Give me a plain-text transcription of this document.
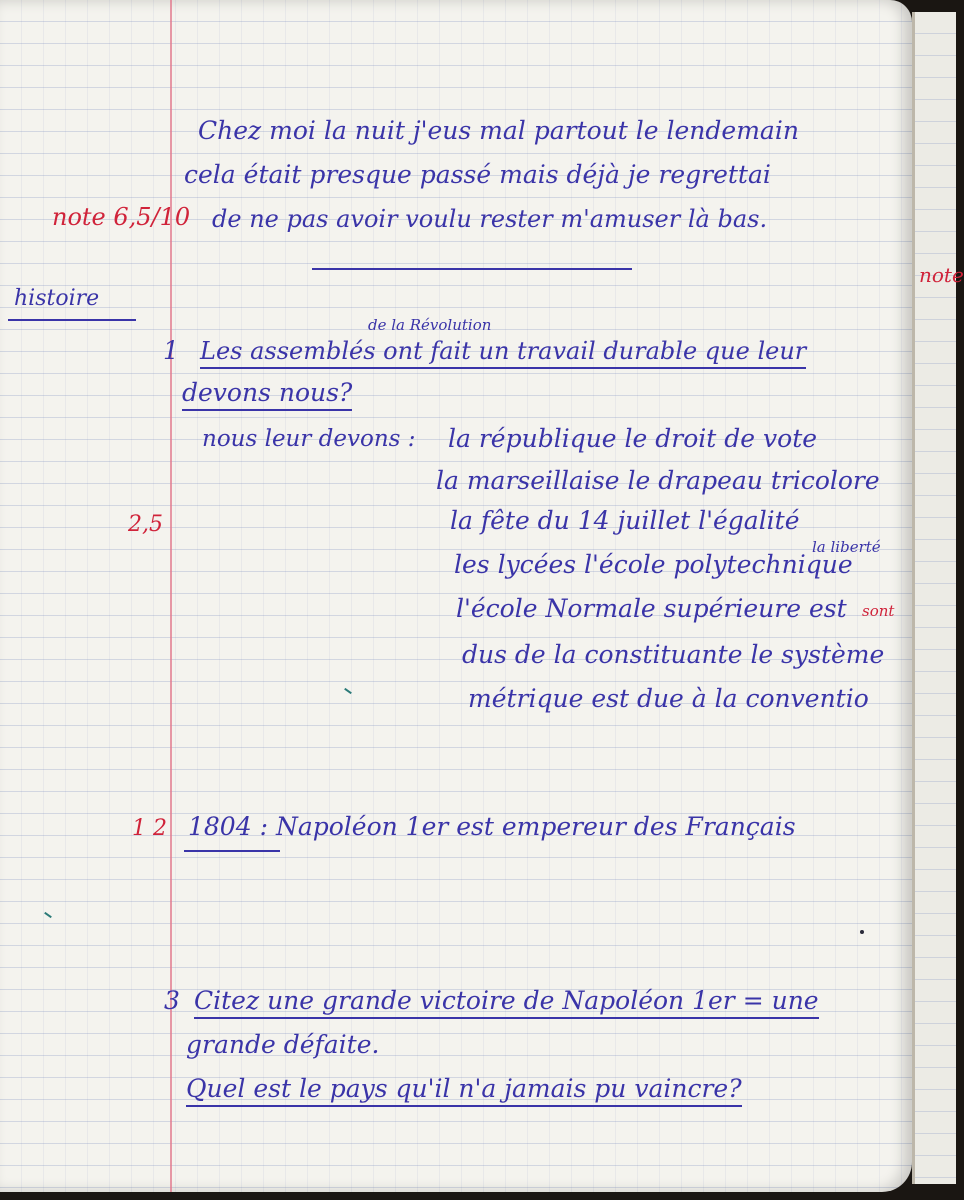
Chez moi la nuit j'eus mal partout le lendemain
cela était presque passé mais déjà je regrettai
note 6,5/10 de ne pas avoir voulu rester m'amuser là bas.
histoire
de la Révolution
1 Les assemblés ont fait un travail durable que leur
devons nous?
nous leur devons : la république le droit de vote
la marseillaise le drapeau tricolore
2,5	la fête du 14 juillet l'égalité
la liberté
les lycées l'école polytechnique
l'école Normale supérieure est sont
dus de la constituante le système
métrique est due à la conventio
1 2 1804 : Napoléon 1er est empereur des Français
3 Citez une grande victoire de Napoléon 1er = une
grande défaite.
Quel est le pays qu'il n'a jamais pu vaincre?
note
